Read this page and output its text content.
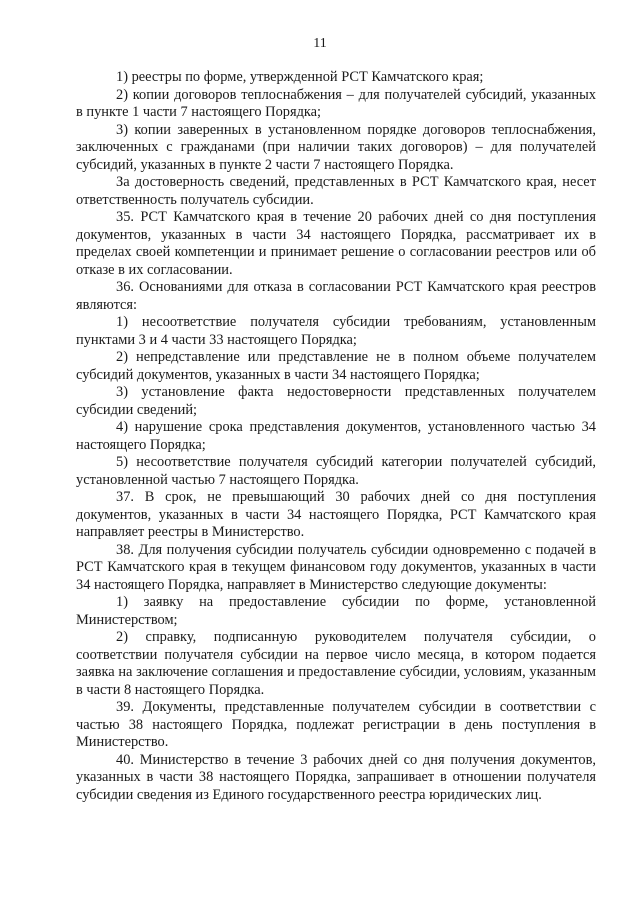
11

1) реестры по форме, утвержденной РСТ Камчатского края;

2) копии договоров теплоснабжения – для получателей субсидий, указанных в пункте 1 части 7 настоящего Порядка;

3) копии заверенных в установленном порядке договоров теплоснабжения, заключенных с гражданами (при наличии таких договоров) – для получателей субсидий, указанных в пункте 2 части 7 настоящего Порядка.

За достоверность сведений, представленных в РСТ Камчатского края, несет ответственность получатель субсидии.

35. РСТ Камчатского края в течение 20 рабочих дней со дня поступления документов, указанных в части 34 настоящего Порядка, рассматривает их в пределах своей компетенции и принимает решение о согласовании реестров или об отказе в их согласовании.

36. Основаниями для отказа в согласовании РСТ Камчатского края реестров являются:

1) несоответствие получателя субсидии требованиям, установленным пунктами 3 и 4 части 33 настоящего Порядка;

2) непредставление или представление не в полном объеме получателем субсидий документов, указанных в части 34 настоящего Порядка;

3) установление факта недостоверности представленных получателем субсидии сведений;

4) нарушение срока представления документов, установленного частью 34 настоящего Порядка;

5) несоответствие получателя субсидий категории получателей субсидий, установленной частью 7 настоящего Порядка.

37. В срок, не превышающий 30 рабочих дней со дня поступления документов, указанных в части 34 настоящего Порядка, РСТ Камчатского края направляет реестры в Министерство.

38. Для получения субсидии получатель субсидии одновременно с подачей в РСТ Камчатского края в текущем финансовом году документов, указанных в части 34 настоящего Порядка, направляет в Министерство следующие документы:

1) заявку на предоставление субсидии по форме, установленной Министерством;

2) справку, подписанную руководителем получателя субсидии, о соответствии получателя субсидии на первое число месяца, в котором подается заявка на заключение соглашения и предоставление субсидии, условиям, указанным в части 8 настоящего Порядка.

39. Документы, представленные получателем субсидии в соответствии с частью 38 настоящего Порядка, подлежат регистрации в день поступления в Министерство.

40. Министерство в течение 3 рабочих дней со дня получения документов, указанных в части 38 настоящего Порядка, запрашивает в отношении получателя субсидии сведения из Единого государственного реестра юридических лиц.
